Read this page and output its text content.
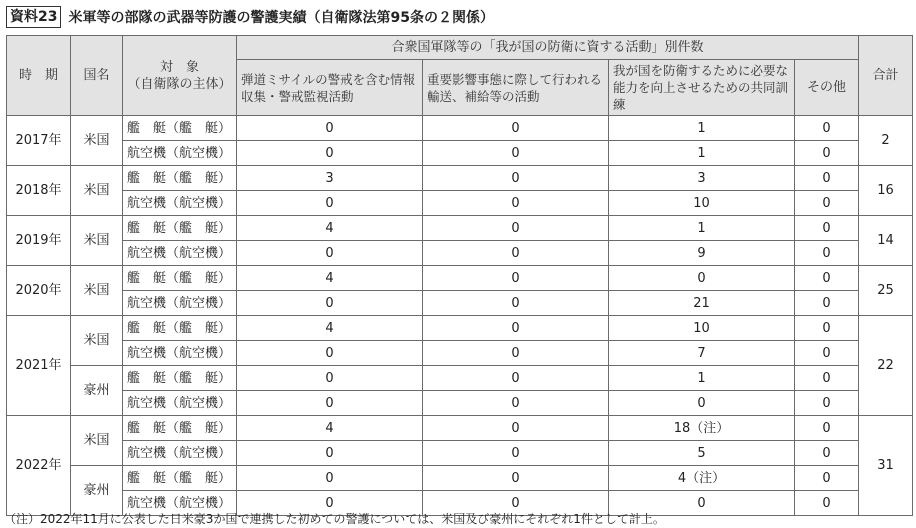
資料23 米軍等の部隊の武器等防護の警護実績（自衛隊法第95条の２関係）
時　期	国名	対　象
（自衛隊の主体）	合衆国軍隊等の「我が国の防衛に資する活動」別件数				合計
			弾道ミサイルの警戒を含む情報収集・警戒監視活動	重要影響事態に際して行われる輸送、補給等の活動	我が国を防衛するために必要な能力を向上させるための共同訓練	その他	
2017年	米国	艦　艇（艦　艇）	0	0	1	0	2
		航空機（航空機）	0	0	1	0	
2018年	米国	艦　艇（艦　艇）	3	0	3	0	16
		航空機（航空機）	0	0	10	0	
2019年	米国	艦　艇（艦　艇）	4	0	1	0	14
		航空機（航空機）	0	0	9	0	
2020年	米国	艦　艇（艦　艇）	4	0	0	0	25
		航空機（航空機）	0	0	21	0	
2021年	米国	艦　艇（艦　艇）	4	0	10	0	22
		航空機（航空機）	0	0	7	0	
	豪州	艦　艇（艦　艇）	0	0	1	0	
		航空機（航空機）	0	0	0	0	
2022年	米国	艦　艇（艦　艇）	4	0	18（注）	0	31
		航空機（航空機）	0	0	5	0	
	豪州	艦　艇（艦　艇）	0	0	4（注）	0	
		航空機（航空機）	0	0	0	0	
（注）2022年11月に公表した日米豪3か国で連携した初めての警護については、米国及び豪州にそれぞれ1件として計上。
